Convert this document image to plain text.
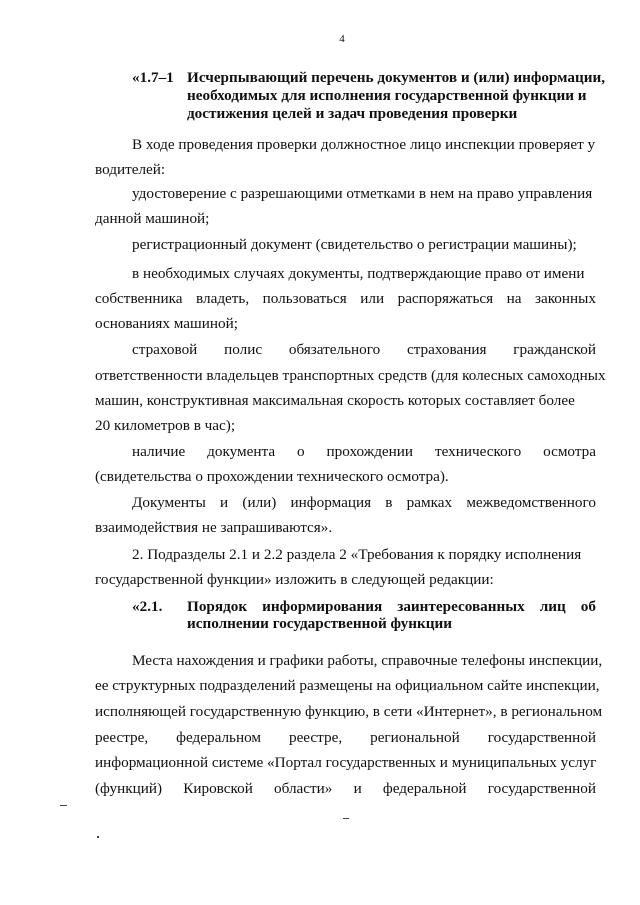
4
«1.7–1 Исчерпывающий перечень документов и (или) информации,
необходимых для исполнения государственной функции и
достижения целей и задач проведения проверки
В ходе проведения проверки должностное лицо инспекции проверяет у
водителей:
удостоверение с разрешающими отметками в нем на право управления
данной машиной;
регистрационный документ (свидетельство о регистрации машины);
в необходимых случаях документы, подтверждающие право от имени
собственника владеть, пользоваться или распоряжаться на законных
основаниях машиной;
страховой полис обязательного страхования гражданской
ответственности владельцев транспортных средств (для колесных самоходных
машин, конструктивная максимальная скорость которых составляет более
20 километров в час);
наличие документа о прохождении технического осмотра
(свидетельства о прохождении технического осмотра).
Документы и (или) информация в рамках межведомственного
взаимодействия не запрашиваются».
2. Подразделы 2.1 и 2.2 раздела 2 «Требования к порядку исполнения
государственной функции» изложить в следующей редакции:
«2.1. Порядок информирования заинтересованных лиц об
исполнении государственной функции
Места нахождения и графики работы, справочные телефоны инспекции,
ее структурных подразделений размещены на официальном сайте инспекции,
исполняющей государственную функцию, в сети «Интернет», в региональном
реестре, федеральном реестре, региональной государственной
информационной системе «Портал государственных и муниципальных услуг
(функций) Кировской области» и федеральной государственной
